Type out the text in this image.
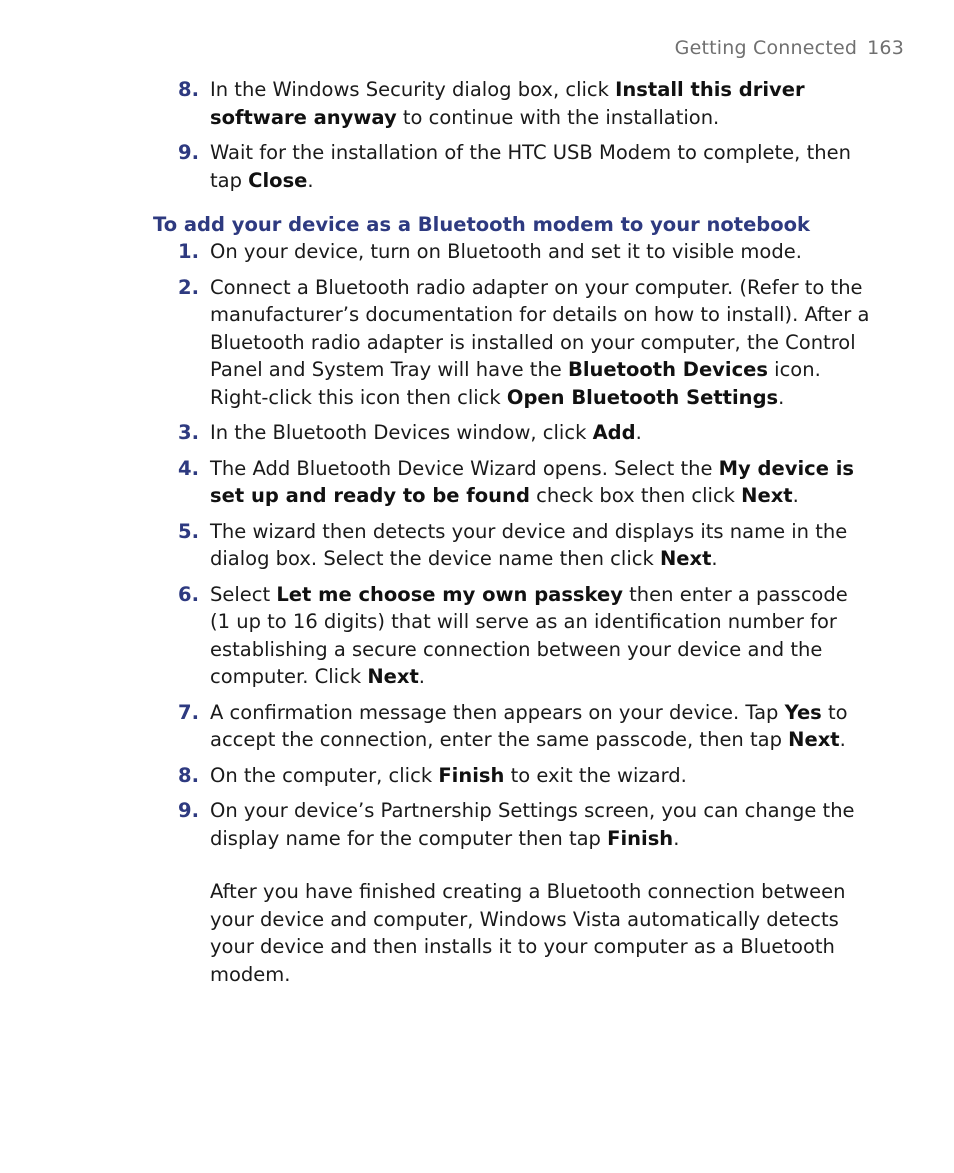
Getting Connected 163
8. In the Windows Security dialog box, click Install this driver software anyway to continue with the installation.
9. Wait for the installation of the HTC USB Modem to complete, then tap Close.
To add your device as a Bluetooth modem to your notebook
1. On your device, turn on Bluetooth and set it to visible mode.
2. Connect a Bluetooth radio adapter on your computer. (Refer to the manufacturer’s documentation for details on how to install). After a Bluetooth radio adapter is installed on your computer, the Control Panel and System Tray will have the Bluetooth Devices icon. Right-click this icon then click Open Bluetooth Settings.
3. In the Bluetooth Devices window, click Add.
4. The Add Bluetooth Device Wizard opens. Select the My device is set up and ready to be found check box then click Next.
5. The wizard then detects your device and displays its name in the dialog box. Select the device name then click Next.
6. Select Let me choose my own passkey then enter a passcode (1 up to 16 digits) that will serve as an identification number for establishing a secure connection between your device and the computer. Click Next.
7. A confirmation message then appears on your device. Tap Yes to accept the connection, enter the same passcode, then tap Next.
8. On the computer, click Finish to exit the wizard.
9. On your device’s Partnership Settings screen, you can change the display name for the computer then tap Finish.

After you have finished creating a Bluetooth connection between your device and computer, Windows Vista automatically detects your device and then installs it to your computer as a Bluetooth modem.
